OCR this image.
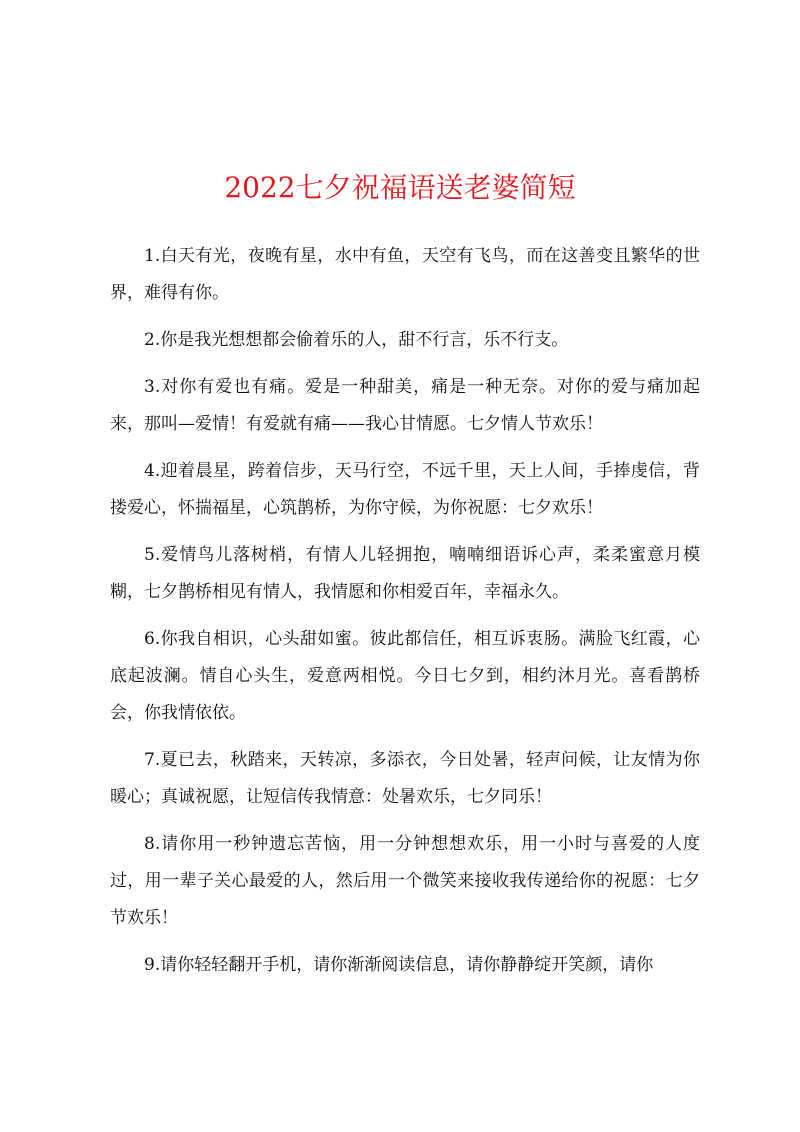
2022七夕祝福语送老婆简短

1.白天有光，夜晚有星，水中有鱼，天空有飞鸟，而在这善变且繁华的世界，难得有你。

2.你是我光想想都会偷着乐的人，甜不行言，乐不行支。

3.对你有爱也有痛。爱是一种甜美，痛是一种无奈。对你的爱与痛加起来，那叫—爱情！有爱就有痛——我心甘情愿。七夕情人节欢乐！

4.迎着晨星，跨着信步，天马行空，不远千里，天上人间，手捧虔信，背搂爱心，怀揣福星，心筑鹊桥，为你守候，为你祝愿：七夕欢乐！

5.爱情鸟儿落树梢，有情人儿轻拥抱，喃喃细语诉心声，柔柔蜜意月模糊，七夕鹊桥相见有情人，我情愿和你相爱百年，幸福永久。

6.你我自相识，心头甜如蜜。彼此都信任，相互诉衷肠。满脸飞红霞，心底起波澜。情自心头生，爱意两相悦。今日七夕到，相约沐月光。喜看鹊桥会，你我情依依。

7.夏已去，秋踏来，天转凉，多添衣，今日处暑，轻声问候，让友情为你暖心；真诚祝愿，让短信传我情意：处暑欢乐，七夕同乐！

8.请你用一秒钟遗忘苦恼，用一分钟想想欢乐，用一小时与喜爱的人度过，用一辈子关心最爱的人，然后用一个微笑来接收我传递给你的祝愿：七夕节欢乐！

9.请你轻轻翻开手机，请你渐渐阅读信息，请你静静绽开笑颜，请你
